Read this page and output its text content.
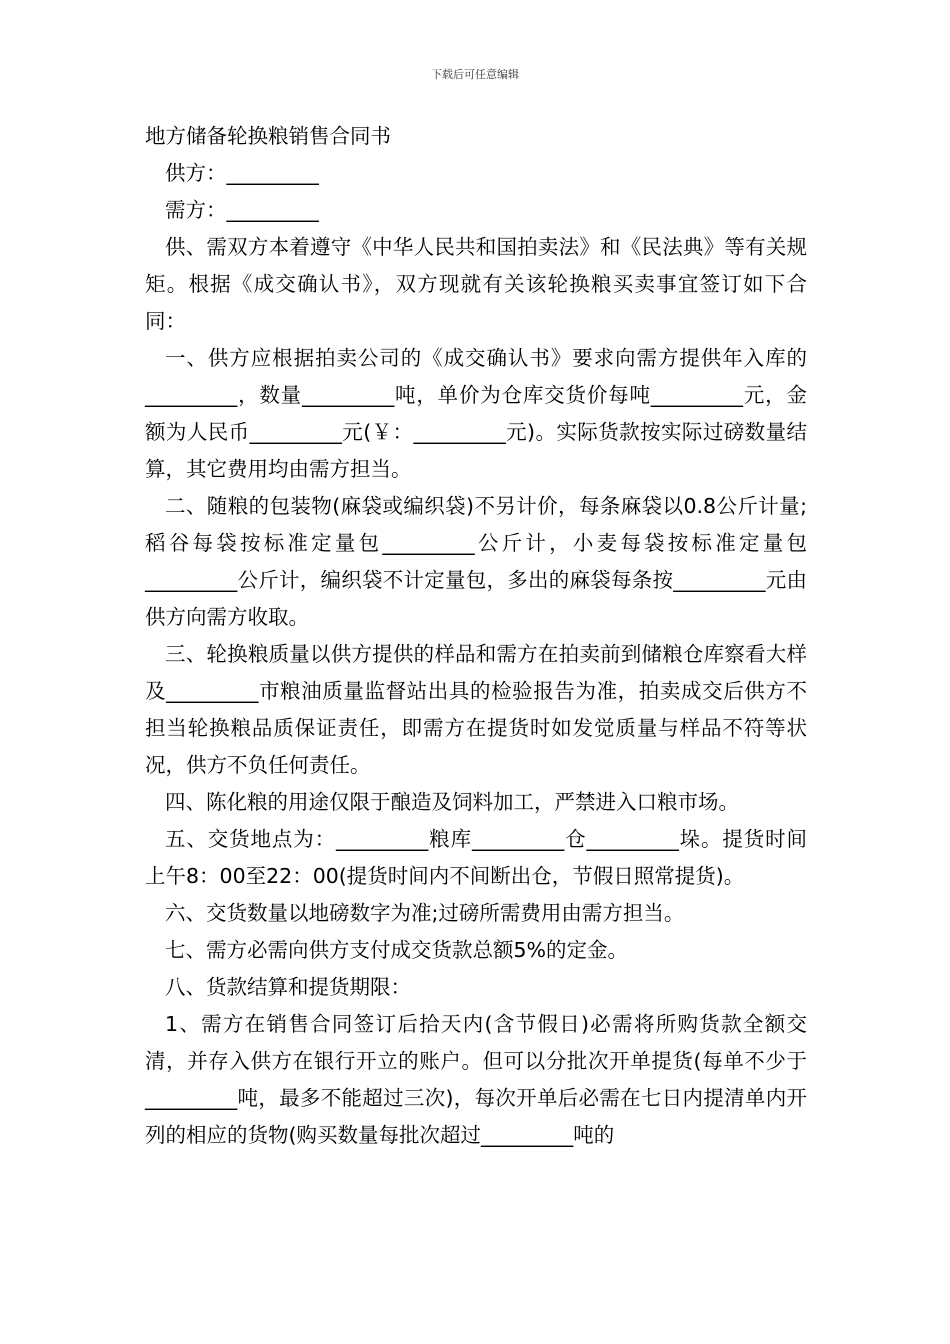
下载后可任意编辑
地方储备轮换粮销售合同书

供方：_________

需方：_________

供、需双方本着遵守《中华人民共和国拍卖法》和《民法典》等有关规矩。根据《成交确认书》，双方现就有关该轮换粮买卖事宜签订如下合同：

一、供方应根据拍卖公司的《成交确认书》要求向需方提供年入库的_________，数量_________吨，单价为仓库交货价每吨_________元，金额为人民币_________元(￥：_________元)。实际货款按实际过磅数量结算，其它费用均由需方担当。

二、随粮的包装物(麻袋或编织袋)不另计价，每条麻袋以0.8公斤计量;稻谷每袋按标准定量包_________公斤计，小麦每袋按标准定量包_________公斤计，编织袋不计定量包，多出的麻袋每条按_________元由供方向需方收取。

三、轮换粮质量以供方提供的样品和需方在拍卖前到储粮仓库察看大样及_________市粮油质量监督站出具的检验报告为准，拍卖成交后供方不担当轮换粮品质保证责任，即需方在提货时如发觉质量与样品不符等状况，供方不负任何责任。

四、陈化粮的用途仅限于酿造及饲料加工，严禁进入口粮市场。

五、交货地点为：_________粮库_________仓_________垛。提货时间上午8：00至22：00(提货时间内不间断出仓，节假日照常提货)。

六、交货数量以地磅数字为准;过磅所需费用由需方担当。

七、需方必需向供方支付成交货款总额5%的定金。

八、货款结算和提货期限：

1、需方在销售合同签订后拾天内(含节假日)必需将所购货款全额交清，并存入供方在银行开立的账户。但可以分批次开单提货(每单不少于_________吨，最多不能超过三次)，每次开单后必需在七日内提清单内开列的相应的货物(购买数量每批次超过_________吨的
